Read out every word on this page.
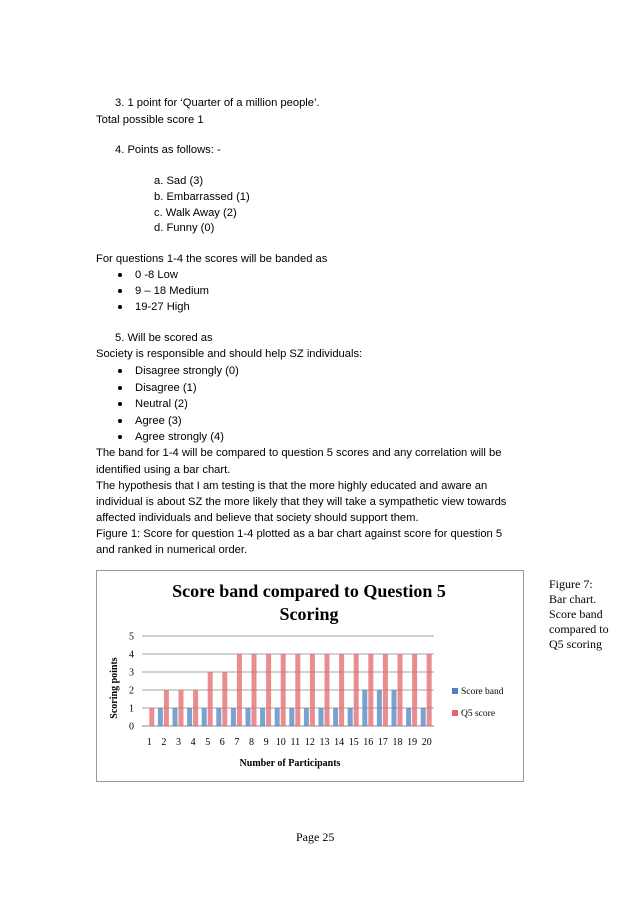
3. 1 point for ‘Quarter of a million people’.
Total possible score 1
4. Points as follows: -
a. Sad (3)
b. Embarrassed (1)
c. Walk Away (2)
d. Funny (0)
For questions 1-4 the scores will be banded as
0 -8 Low
9 – 18 Medium
19-27 High
5. Will be scored as
Society is responsible and should help SZ individuals:
Disagree strongly (0)
Disagree (1)
Neutral (2)
Agree (3)
Agree strongly (4)
The band for 1-4 will be compared to question 5 scores and any correlation will be
identified using a bar chart.
The hypothesis that I am testing is that the more highly educated and aware an
individual is about SZ the more likely that they will take a sympathetic view towards
affected individuals and believe that society should support them.
Figure 1: Score for question 1-4 plotted as a bar chart against score for question 5
and ranked in numerical order.
Score band compared to Question 5
Scoring
Scoring points
Number of Participants
0
1
2
3
4
5
1 2 3 4 5 6 7 8 9 10 11 12 13 14 15 16 17 18 19 20
Score band
Q5 score
Figure 7:
Bar chart.
Score band
compared to
Q5 scoring
Page 25
